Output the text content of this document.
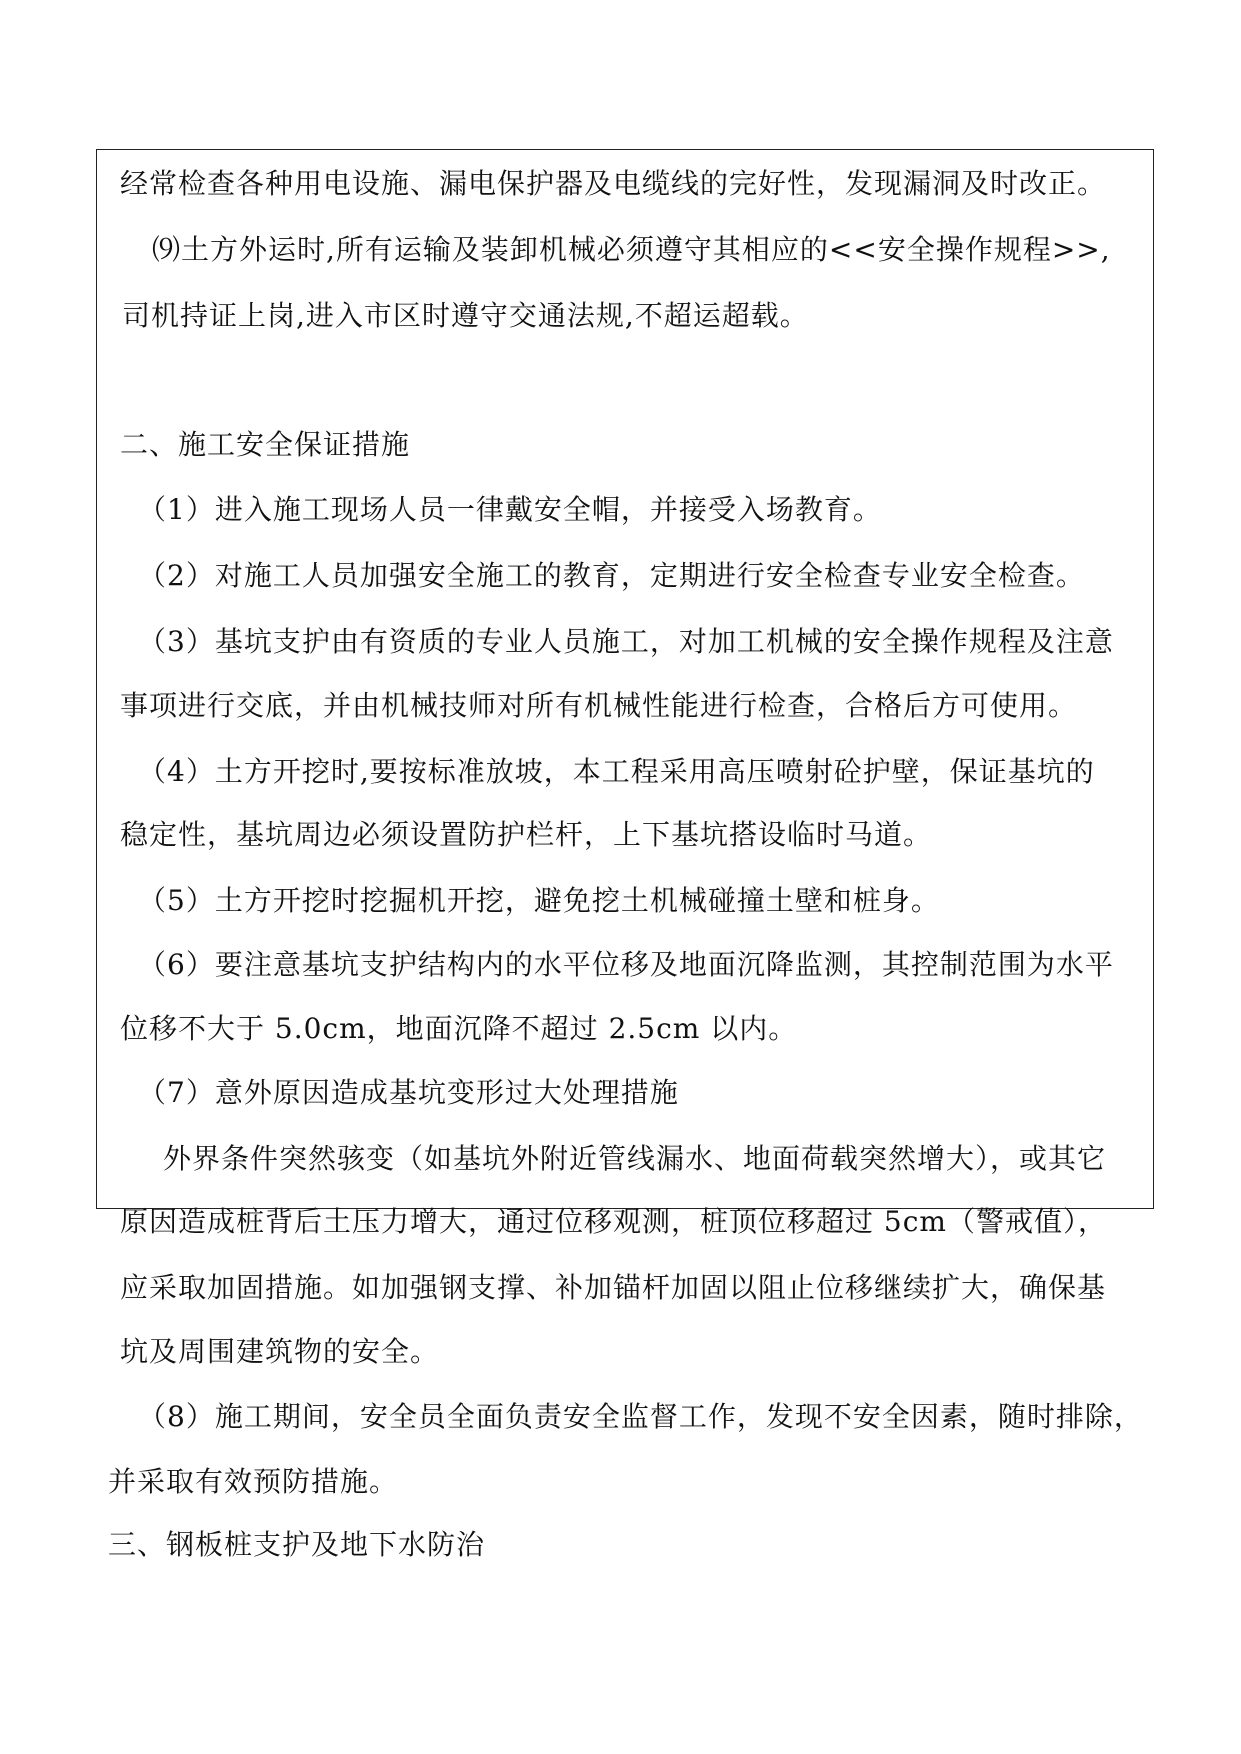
经常检查各种用电设施、漏电保护器及电缆线的完好性，发现漏洞及时改正。
⑼土方外运时,所有运输及装卸机械必须遵守其相应的<<安全操作规程>>,
司机持证上岗,进入市区时遵守交通法规,不超运超载。
二、施工安全保证措施
（1）进入施工现场人员一律戴安全帽，并接受入场教育。
（2）对施工人员加强安全施工的教育，定期进行安全检查专业安全检查。
（3）基坑支护由有资质的专业人员施工，对加工机械的安全操作规程及注意
事项进行交底，并由机械技师对所有机械性能进行检查，合格后方可使用。
（4）土方开挖时,要按标准放坡，本工程采用高压喷射砼护壁，保证基坑的
稳定性，基坑周边必须设置防护栏杆，上下基坑搭设临时马道。
（5）土方开挖时挖掘机开挖，避免挖土机械碰撞土壁和桩身。
（6）要注意基坑支护结构内的水平位移及地面沉降监测，其控制范围为水平
位移不大于 5.0cm，地面沉降不超过 2.5cm 以内。
（7）意外原因造成基坑变形过大处理措施
外界条件突然骇变（如基坑外附近管线漏水、地面荷载突然增大），或其它
原因造成桩背后土压力增大，通过位移观测，桩顶位移超过 5cm（警戒值），
应采取加固措施。如加强钢支撑、补加锚杆加固以阻止位移继续扩大，确保基
坑及周围建筑物的安全。
（8）施工期间，安全员全面负责安全监督工作，发现不安全因素，随时排除，
并采取有效预防措施。
三、钢板桩支护及地下水防治
